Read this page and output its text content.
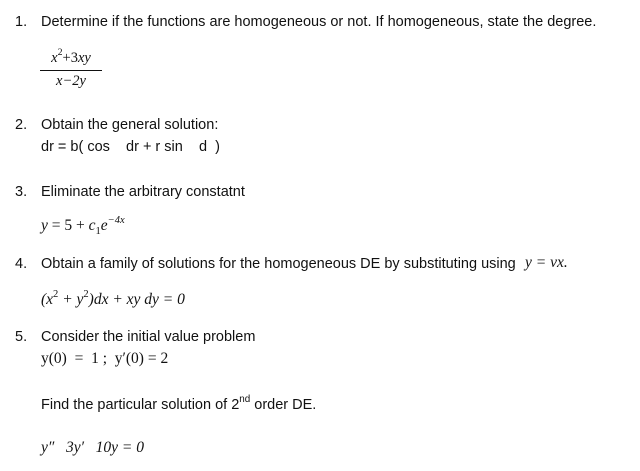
1. Determine if the functions are homogeneous or not. If homogeneous, state the degree.
$\frac{x^2+3xy}{x-2y}$
2. Obtain the general solution:
dr = b( cos    dr + r sin    d  )
3. Eliminate the arbitrary constatnt
$y = 5 + c_1e^{-4x}$
4. Obtain a family of solutions for the homogeneous DE by substituting using y = vx.
$(x^2 + y^2)dx$ + xy dy = 0
5. Consider the initial value problem
y(0)  =  1 ;  y′(0) = 2
Find the particular solution of 2nd order DE.
y″   3y′   10y = 0
